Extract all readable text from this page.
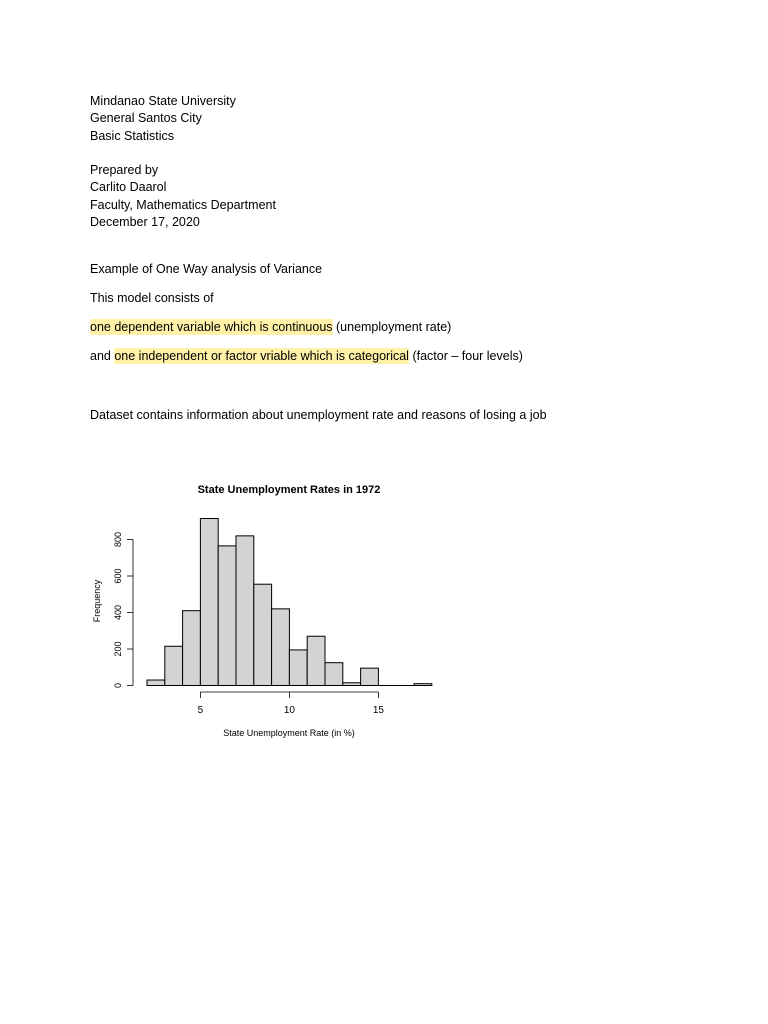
Mindanao State University
General Santos City
Basic Statistics
Prepared by
Carlito Daarol
Faculty, Mathematics Department
December 17, 2020
Example of One Way analysis of Variance
This model consists of
one dependent variable which is continuous (unemployment rate)
and one independent or factor vriable which is categorical (factor – four levels)
Dataset contains information about unemployment rate and reasons of losing a job
State Unemployment Rates in 1972
State Unemployment Rate (in %)
Frequency
5	10	15
0
200
400
600
800
